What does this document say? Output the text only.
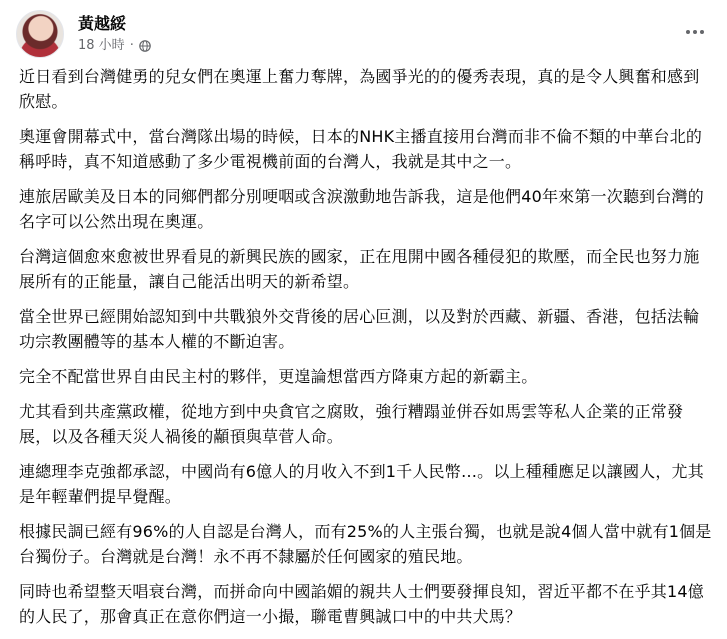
黃越綏
18 小時 ·

近日看到台灣健勇的兒女們在奧運上奮力奪牌，為國爭光的的優秀表現，真的是令人興奮和感到欣慰。

奧運會開幕式中，當台灣隊出場的時候，日本的NHK主播直接用台灣而非不倫不類的中華台北的稱呼時，真不知道感動了多少電視機前面的台灣人，我就是其中之一。

連旅居歐美及日本的同鄉們都分別哽咽或含淚激動地告訴我，這是他們40年來第一次聽到台灣的名字可以公然出現在奧運。

台灣這個愈來愈被世界看見的新興民族的國家，正在甩開中國各種侵犯的欺壓，而全民也努力施展所有的正能量，讓自己能活出明天的新希望。

當全世界已經開始認知到中共戰狼外交背後的居心叵測，以及對於西藏、新疆、香港，包括法輪功宗教團體等的基本人權的不斷迫害。

完全不配當世界自由民主村的夥伴，更遑論想當西方降東方起的新霸主。

尤其看到共產黨政權，從地方到中央貪官之腐敗，強行糟蹋並併吞如馬雲等私人企業的正常發展，以及各種天災人禍後的顢頇與草菅人命。

連總理李克強都承認，中國尚有6億人的月收入不到1千人民幣…。以上種種應足以讓國人，尤其是年輕輩們提早覺醒。

根據民調已經有96%的人自認是台灣人，而有25%的人主張台獨，也就是說4個人當中就有1個是台獨份子。台灣就是台灣！永不再不隸屬於任何國家的殖民地。

同時也希望整天唱衰台灣，而拼命向中國諂媚的親共人士們要發揮良知，習近平都不在乎其14億的人民了，那會真正在意你們這一小撮，聯電曹興誠口中的中共犬馬？
